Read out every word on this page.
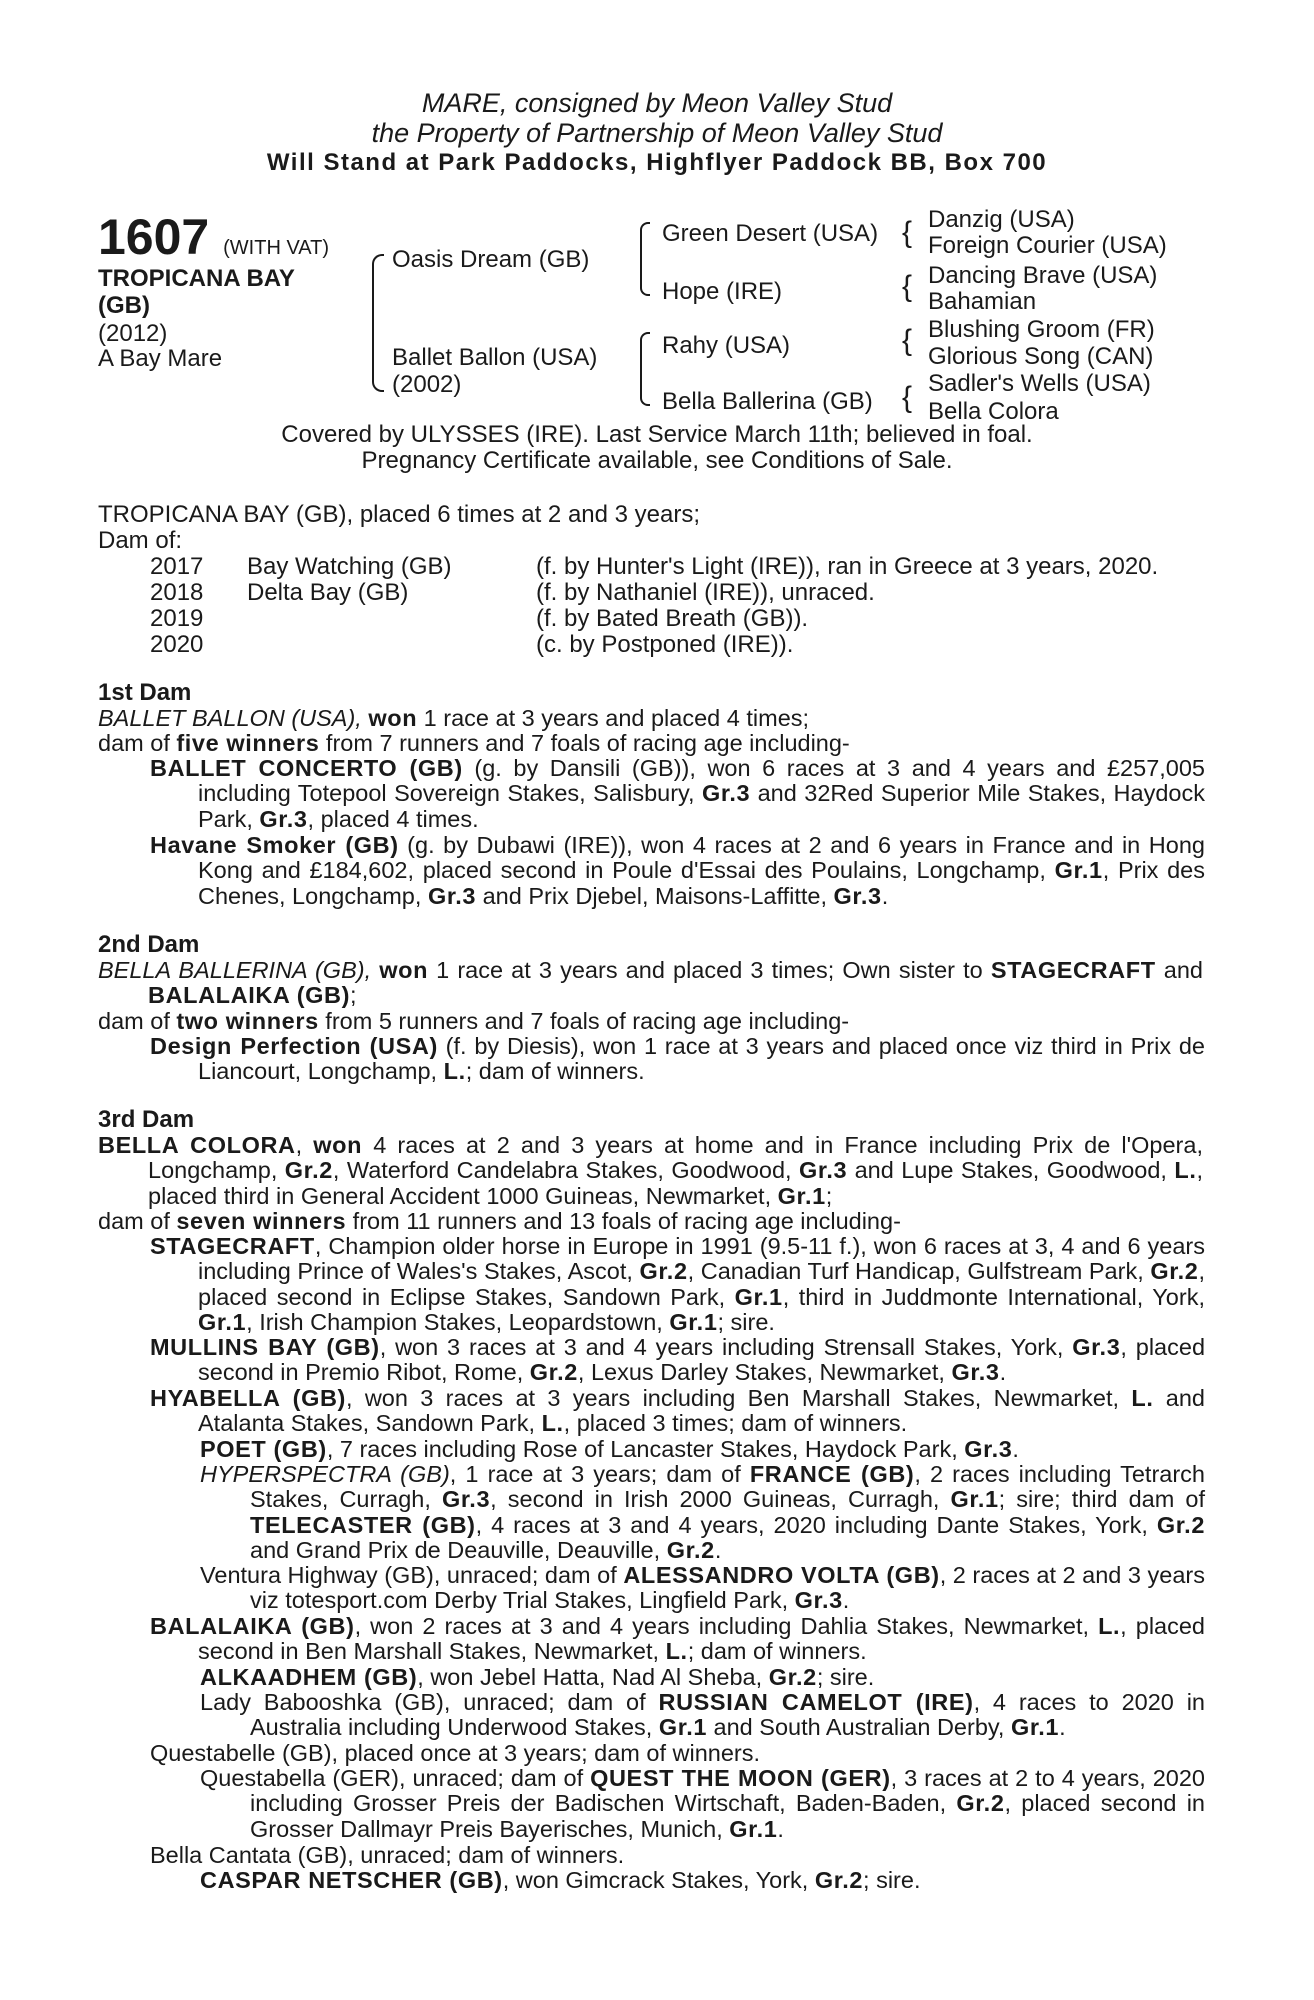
MARE, consigned by Meon Valley Stud
the Property of Partnership of Meon Valley Stud
Will Stand at Park Paddocks, Highflyer Paddock BB, Box 700
1607 (WITH VAT)
TROPICANA BAY
(GB)
(2012)
A Bay Mare
Oasis Dream (GB)
Ballet Ballon (USA)
(2002)
Green Desert (USA)
Hope (IRE)
Rahy (USA)
Bella Ballerina (GB)
{ Danzig (USA)
Foreign Courier (USA)
{ Dancing Brave (USA)
Bahamian
{ Blushing Groom (FR)
Glorious Song (CAN)
{ Sadler's Wells (USA)
Bella Colora
Covered by ULYSSES (IRE). Last Service March 11th; believed in foal.
Pregnancy Certificate available, see Conditions of Sale.
TROPICANA BAY (GB), placed 6 times at 2 and 3 years;
Dam of:
2017 Bay Watching (GB)	(f. by Hunter's Light (IRE)), ran in Greece at 3 years, 2020.
2018 Delta Bay (GB)	(f. by Nathaniel (IRE)), unraced.
2019	(f. by Bated Breath (GB)).
2020	(c. by Postponed (IRE)).
1st Dam
BALLET BALLON (USA), won 1 race at 3 years and placed 4 times;
dam of five winners from 7 runners and 7 foals of racing age including-
BALLET CONCERTO (GB) (g. by Dansili (GB)), won 6 races at 3 and 4 years and £257,005 including Totepool Sovereign Stakes, Salisbury, Gr.3 and 32Red Superior Mile Stakes, Haydock Park, Gr.3, placed 4 times.
Havane Smoker (GB) (g. by Dubawi (IRE)), won 4 races at 2 and 6 years in France and in Hong Kong and £184,602, placed second in Poule d'Essai des Poulains, Longchamp, Gr.1, Prix des Chenes, Longchamp, Gr.3 and Prix Djebel, Maisons-Laffitte, Gr.3.
2nd Dam
BELLA BALLERINA (GB), won 1 race at 3 years and placed 3 times; Own sister to STAGECRAFT and BALALAIKA (GB);
dam of two winners from 5 runners and 7 foals of racing age including-
Design Perfection (USA) (f. by Diesis), won 1 race at 3 years and placed once viz third in Prix de Liancourt, Longchamp, L.; dam of winners.
3rd Dam
BELLA COLORA, won 4 races at 2 and 3 years at home and in France including Prix de l'Opera, Longchamp, Gr.2, Waterford Candelabra Stakes, Goodwood, Gr.3 and Lupe Stakes, Goodwood, L., placed third in General Accident 1000 Guineas, Newmarket, Gr.1;
dam of seven winners from 11 runners and 13 foals of racing age including-
STAGECRAFT, Champion older horse in Europe in 1991 (9.5-11 f.), won 6 races at 3, 4 and 6 years including Prince of Wales's Stakes, Ascot, Gr.2, Canadian Turf Handicap, Gulfstream Park, Gr.2, placed second in Eclipse Stakes, Sandown Park, Gr.1, third in Juddmonte International, York, Gr.1, Irish Champion Stakes, Leopardstown, Gr.1; sire.
MULLINS BAY (GB), won 3 races at 3 and 4 years including Strensall Stakes, York, Gr.3, placed second in Premio Ribot, Rome, Gr.2, Lexus Darley Stakes, Newmarket, Gr.3.
HYABELLA (GB), won 3 races at 3 years including Ben Marshall Stakes, Newmarket, L. and Atalanta Stakes, Sandown Park, L., placed 3 times; dam of winners.
POET (GB), 7 races including Rose of Lancaster Stakes, Haydock Park, Gr.3.
HYPERSPECTRA (GB), 1 race at 3 years; dam of FRANCE (GB), 2 races including Tetrarch Stakes, Curragh, Gr.3, second in Irish 2000 Guineas, Curragh, Gr.1; sire; third dam of TELECASTER (GB), 4 races at 3 and 4 years, 2020 including Dante Stakes, York, Gr.2 and Grand Prix de Deauville, Deauville, Gr.2.
Ventura Highway (GB), unraced; dam of ALESSANDRO VOLTA (GB), 2 races at 2 and 3 years viz totesport.com Derby Trial Stakes, Lingfield Park, Gr.3.
BALALAIKA (GB), won 2 races at 3 and 4 years including Dahlia Stakes, Newmarket, L., placed second in Ben Marshall Stakes, Newmarket, L.; dam of winners.
ALKAADHEM (GB), won Jebel Hatta, Nad Al Sheba, Gr.2; sire.
Lady Babooshka (GB), unraced; dam of RUSSIAN CAMELOT (IRE), 4 races to 2020 in Australia including Underwood Stakes, Gr.1 and South Australian Derby, Gr.1.
Questabelle (GB), placed once at 3 years; dam of winners.
Questabella (GER), unraced; dam of QUEST THE MOON (GER), 3 races at 2 to 4 years, 2020 including Grosser Preis der Badischen Wirtschaft, Baden-Baden, Gr.2, placed second in Grosser Dallmayr Preis Bayerisches, Munich, Gr.1.
Bella Cantata (GB), unraced; dam of winners.
CASPAR NETSCHER (GB), won Gimcrack Stakes, York, Gr.2; sire.
